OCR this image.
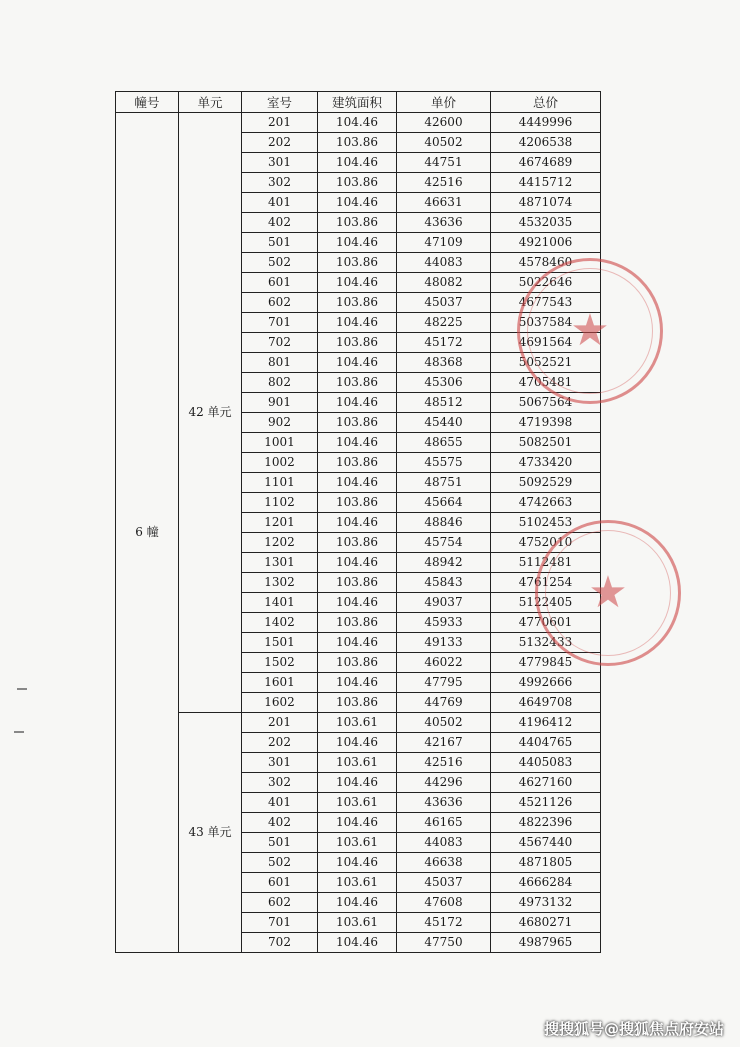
幢号	单元	室号	建筑面积	单价	总价
6 幢	42 单元	201	104.46	42600	4449996
		202	103.86	40502	4206538
		301	104.46	44751	4674689
		302	103.86	42516	4415712
		401	104.46	46631	4871074
		402	103.86	43636	4532035
		501	104.46	47109	4921006
		502	103.86	44083	4578460
		601	104.46	48082	5022646
		602	103.86	45037	4677543
		701	104.46	48225	5037584
		702	103.86	45172	4691564
		801	104.46	48368	5052521
		802	103.86	45306	4705481
		901	104.46	48512	5067564
		902	103.86	45440	4719398
		1001	104.46	48655	5082501
		1002	103.86	45575	4733420
		1101	104.46	48751	5092529
		1102	103.86	45664	4742663
		1201	104.46	48846	5102453
		1202	103.86	45754	4752010
		1301	104.46	48942	5112481
		1302	103.86	45843	4761254
		1401	104.46	49037	5122405
		1402	103.86	45933	4770601
		1501	104.46	49133	5132433
		1502	103.86	46022	4779845
		1601	104.46	47795	4992666
		1602	103.86	44769	4649708
	43 单元	201	103.61	40502	4196412
		202	104.46	42167	4404765
		301	103.61	42516	4405083
		302	104.46	44296	4627160
		401	103.61	43636	4521126
		402	104.46	46165	4822396
		501	103.61	44083	4567440
		502	104.46	46638	4871805
		601	103.61	45037	4666284
		602	104.46	47608	4973132
		701	103.61	45172	4680271
		702	104.46	47750	4987965
★
★
搜搜狐号@搜狐焦点府安站
